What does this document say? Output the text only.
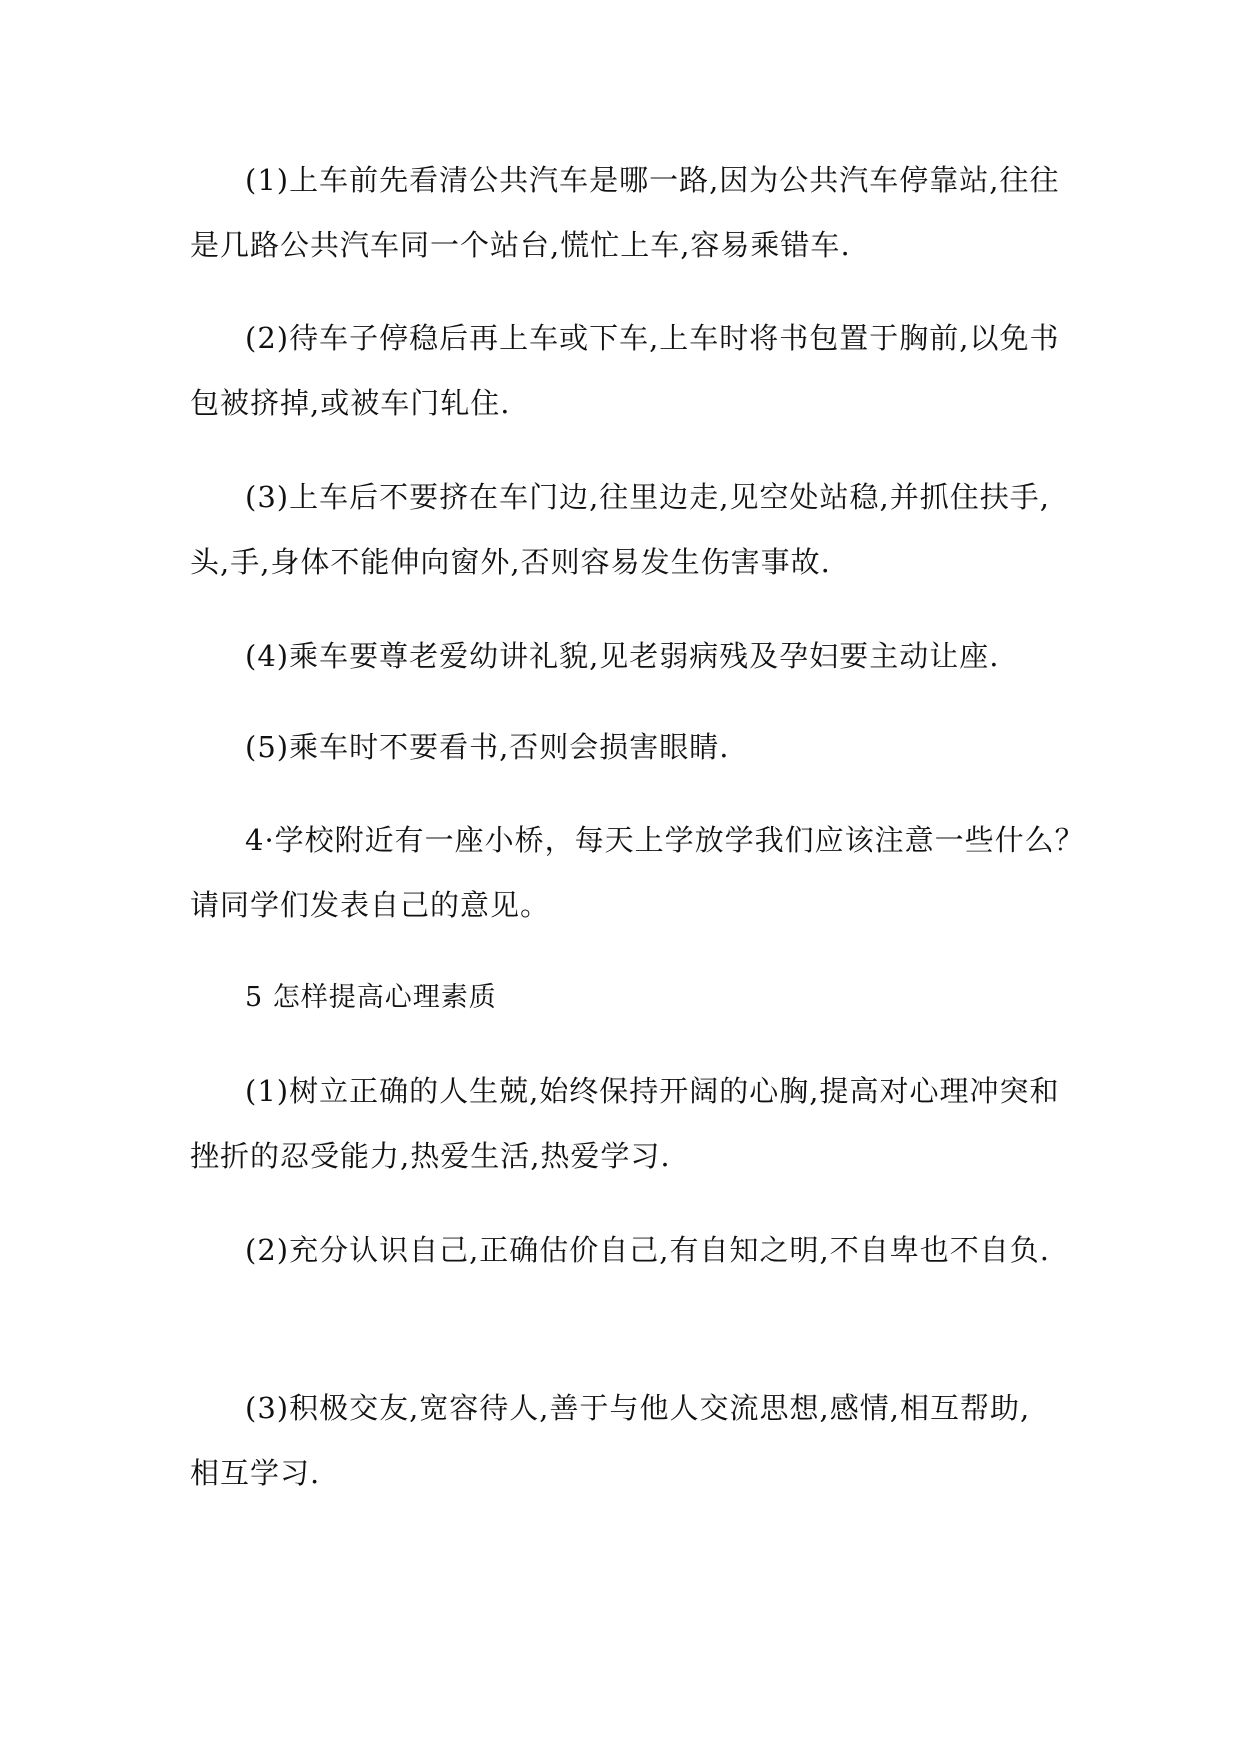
(1)上车前先看清公共汽车是哪一路,因为公共汽车停靠站,往往
是几路公共汽车同一个站台,慌忙上车,容易乘错车.
(2)待车子停稳后再上车或下车,上车时将书包置于胸前,以免书
包被挤掉,或被车门轧住.
(3)上车后不要挤在车门边,往里边走,见空处站稳,并抓住扶手,
头,手,身体不能伸向窗外,否则容易发生伤害事故.
(4)乘车要尊老爱幼讲礼貌,见老弱病残及孕妇要主动让座.
(5)乘车时不要看书,否则会损害眼睛.
4·学校附近有一座小桥，每天上学放学我们应该注意一些什么？
请同学们发表自己的意见。
5 怎样提高心理素质
(1)树立正确的人生兢,始终保持开阔的心胸,提高对心理冲突和
挫折的忍受能力,热爱生活,热爱学习.
(2)充分认识自己,正确估价自己,有自知之明,不自卑也不自负.
(3)积极交友,宽容待人,善于与他人交流思想,感情,相互帮助,
相互学习.
